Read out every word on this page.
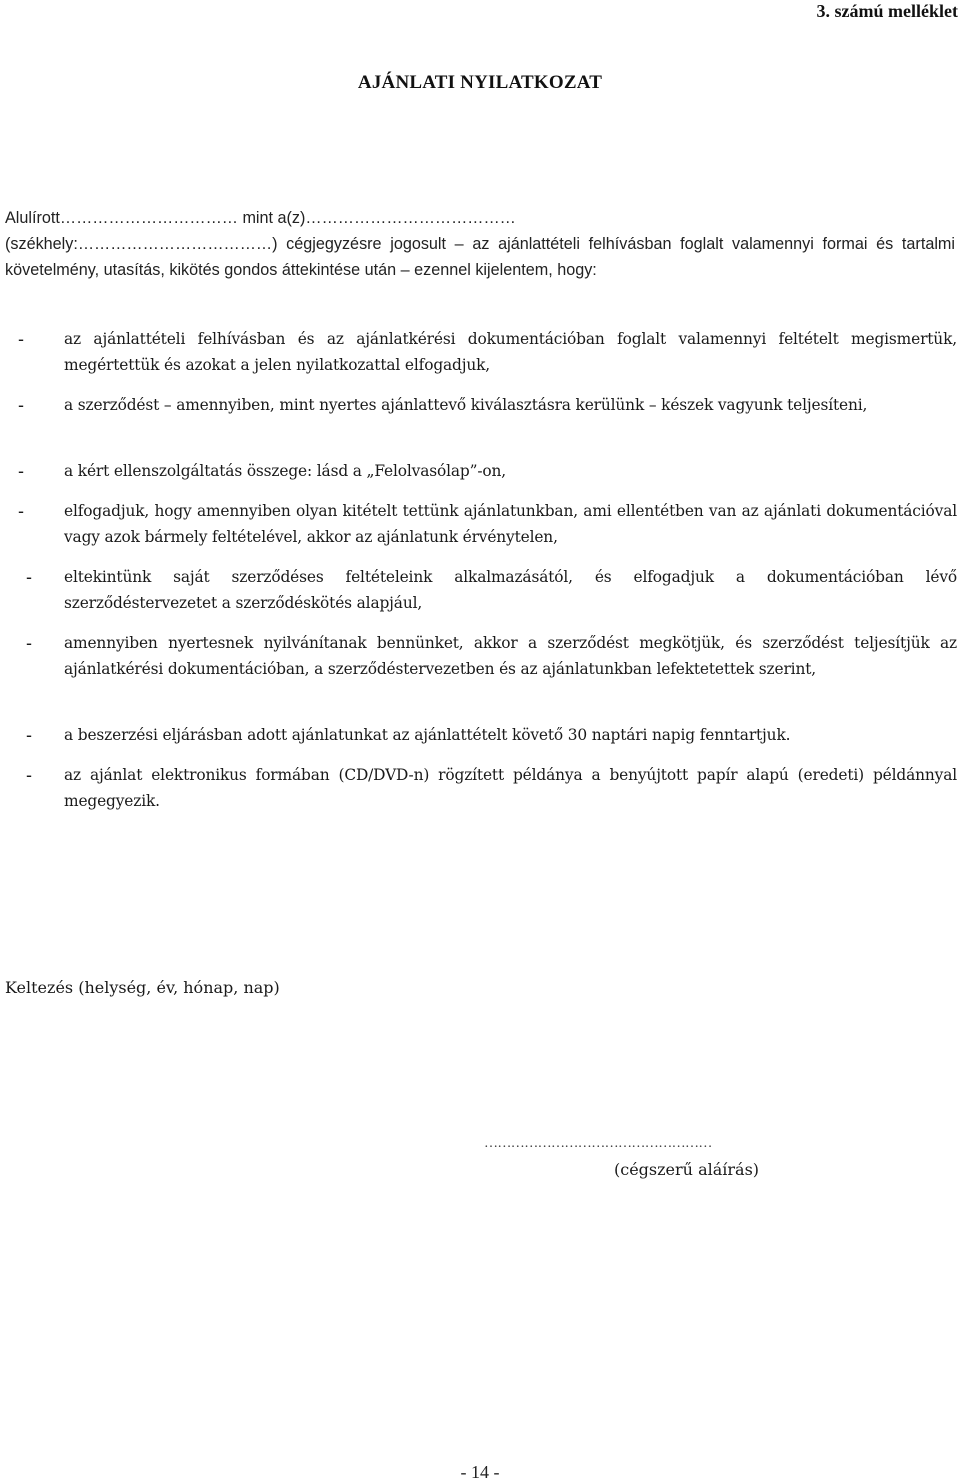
3. számú melléklet
AJÁNLATI NYILATKOZAT

Alulírott…………………………… mint a(z)…………………………………

(székhely:………………………………) cégjegyzésre jogosult – az ajánlattételi felhívásban foglalt valamennyi formai és tartalmi követelmény, utasítás, kikötés gondos áttekintése után – ezennel kijelentem, hogy:

-	az ajánlattételi felhívásban és az ajánlatkérési dokumentációban foglalt valamennyi feltételt megismertük, megértettük és azokat a jelen nyilatkozattal elfogadjuk,
-	a szerződést – amennyiben, mint nyertes ajánlattevő kiválasztásra kerülünk – készek vagyunk teljesíteni,
-	a kért ellenszolgáltatás összege: lásd a „Felolvasólap”-on,
-	elfogadjuk, hogy amennyiben olyan kitételt tettünk ajánlatunkban, ami ellentétben van az ajánlati dokumentációval vagy azok bármely feltételével, akkor az ajánlatunk érvénytelen,
- eltekintünk saját szerződéses feltételeink alkalmazásától, és elfogadjuk a dokumentációban lévő szerződéstervezetet a szerződéskötés alapjául,
- amennyiben nyertesnek nyilvánítanak bennünket, akkor a szerződést megkötjük, és szerződést teljesítjük az ajánlatkérési dokumentációban, a szerződéstervezetben és az ajánlatunkban lefektetettek szerint,
- a beszerzési eljárásban adott ajánlatunkat az ajánlattételt követő 30 naptári napig fenntartjuk.
- az ajánlat elektronikus formában (CD/DVD-n) rögzített példánya a benyújtott papír alapú (eredeti) példánnyal megegyezik.
Keltezés (helység, év, hónap, nap)
……………………………………………
(cégszerű aláírás)
- 14 -
